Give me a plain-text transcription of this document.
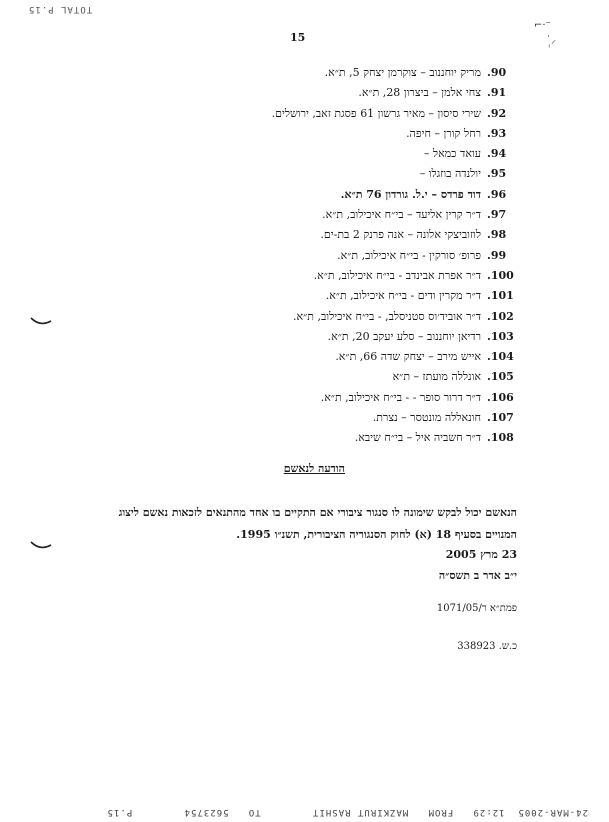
TOTAL P.15
⌐·⁻
˙⸝
ꜝ
15
.90
מריק יוחננוב – צוקרמן יצחק 5, ת״א.
.91
צחי אלמן – ביצרון 28, ת״א.
.92
שירי סיסון – מאיר גרשון 61 פסגת זאב, ירושלים.
.93
רחל קורן – חיפה.
.94
עואד כמאל –
.95
יולנדה בוזגלו –
.96
דוד פרדס – י.ל. גורדון 76 ת״א.
.97
ד״ר קרין אליעד – בי״ח איכילוב, ת״א.
.98
לוזוביצקי אלונה – אנה פרנק 2 בת-ים.
.99
פרופ׳ סורקין - בי״ח איכילוב, ת״א.
.100
ד״ר אפרת אבינדב - בי״ח איכילוב, ת״א.
.101
ד״ר מקרין ודים - בי״ח איכילוב, ת״א.
.102
ד״ר אוביד׳וס סטניסלב, - בי״ח איכילוב, ת״א.
.103
רדיאן יוחננוב – סלע יעקב 20, ת״א.
.104
אייש מירב – יצחק שדה 66, ת״א.
.105
אונללה מועתז – ת״א
.106
ד״ר דרור סופר - - בי״ח איכילוב, ת״א.
.107
חונאללה מונטסר – נצרת.
.108
ד״ר חשביה איל – בי״ח שיבא.
הודעה לנאשם
הנאשם יכול לבקש שימונה לו סנגור ציבורי אם התקיים בו אחד מהתנאים לזכאות נאשם ליצוג המנויים בסעיף 18 (א) לחוק הסנגוריה הציבורית, תשנ״ו 1995.
23 מרץ 2005
י״ב אדר ב תשס״ה
פמת״א ר/1071/05
כ.ש. 338923
24-MAR-2005  12:29   FROM   MAZKIRUT RASHIT        TO   5623754        P.15
